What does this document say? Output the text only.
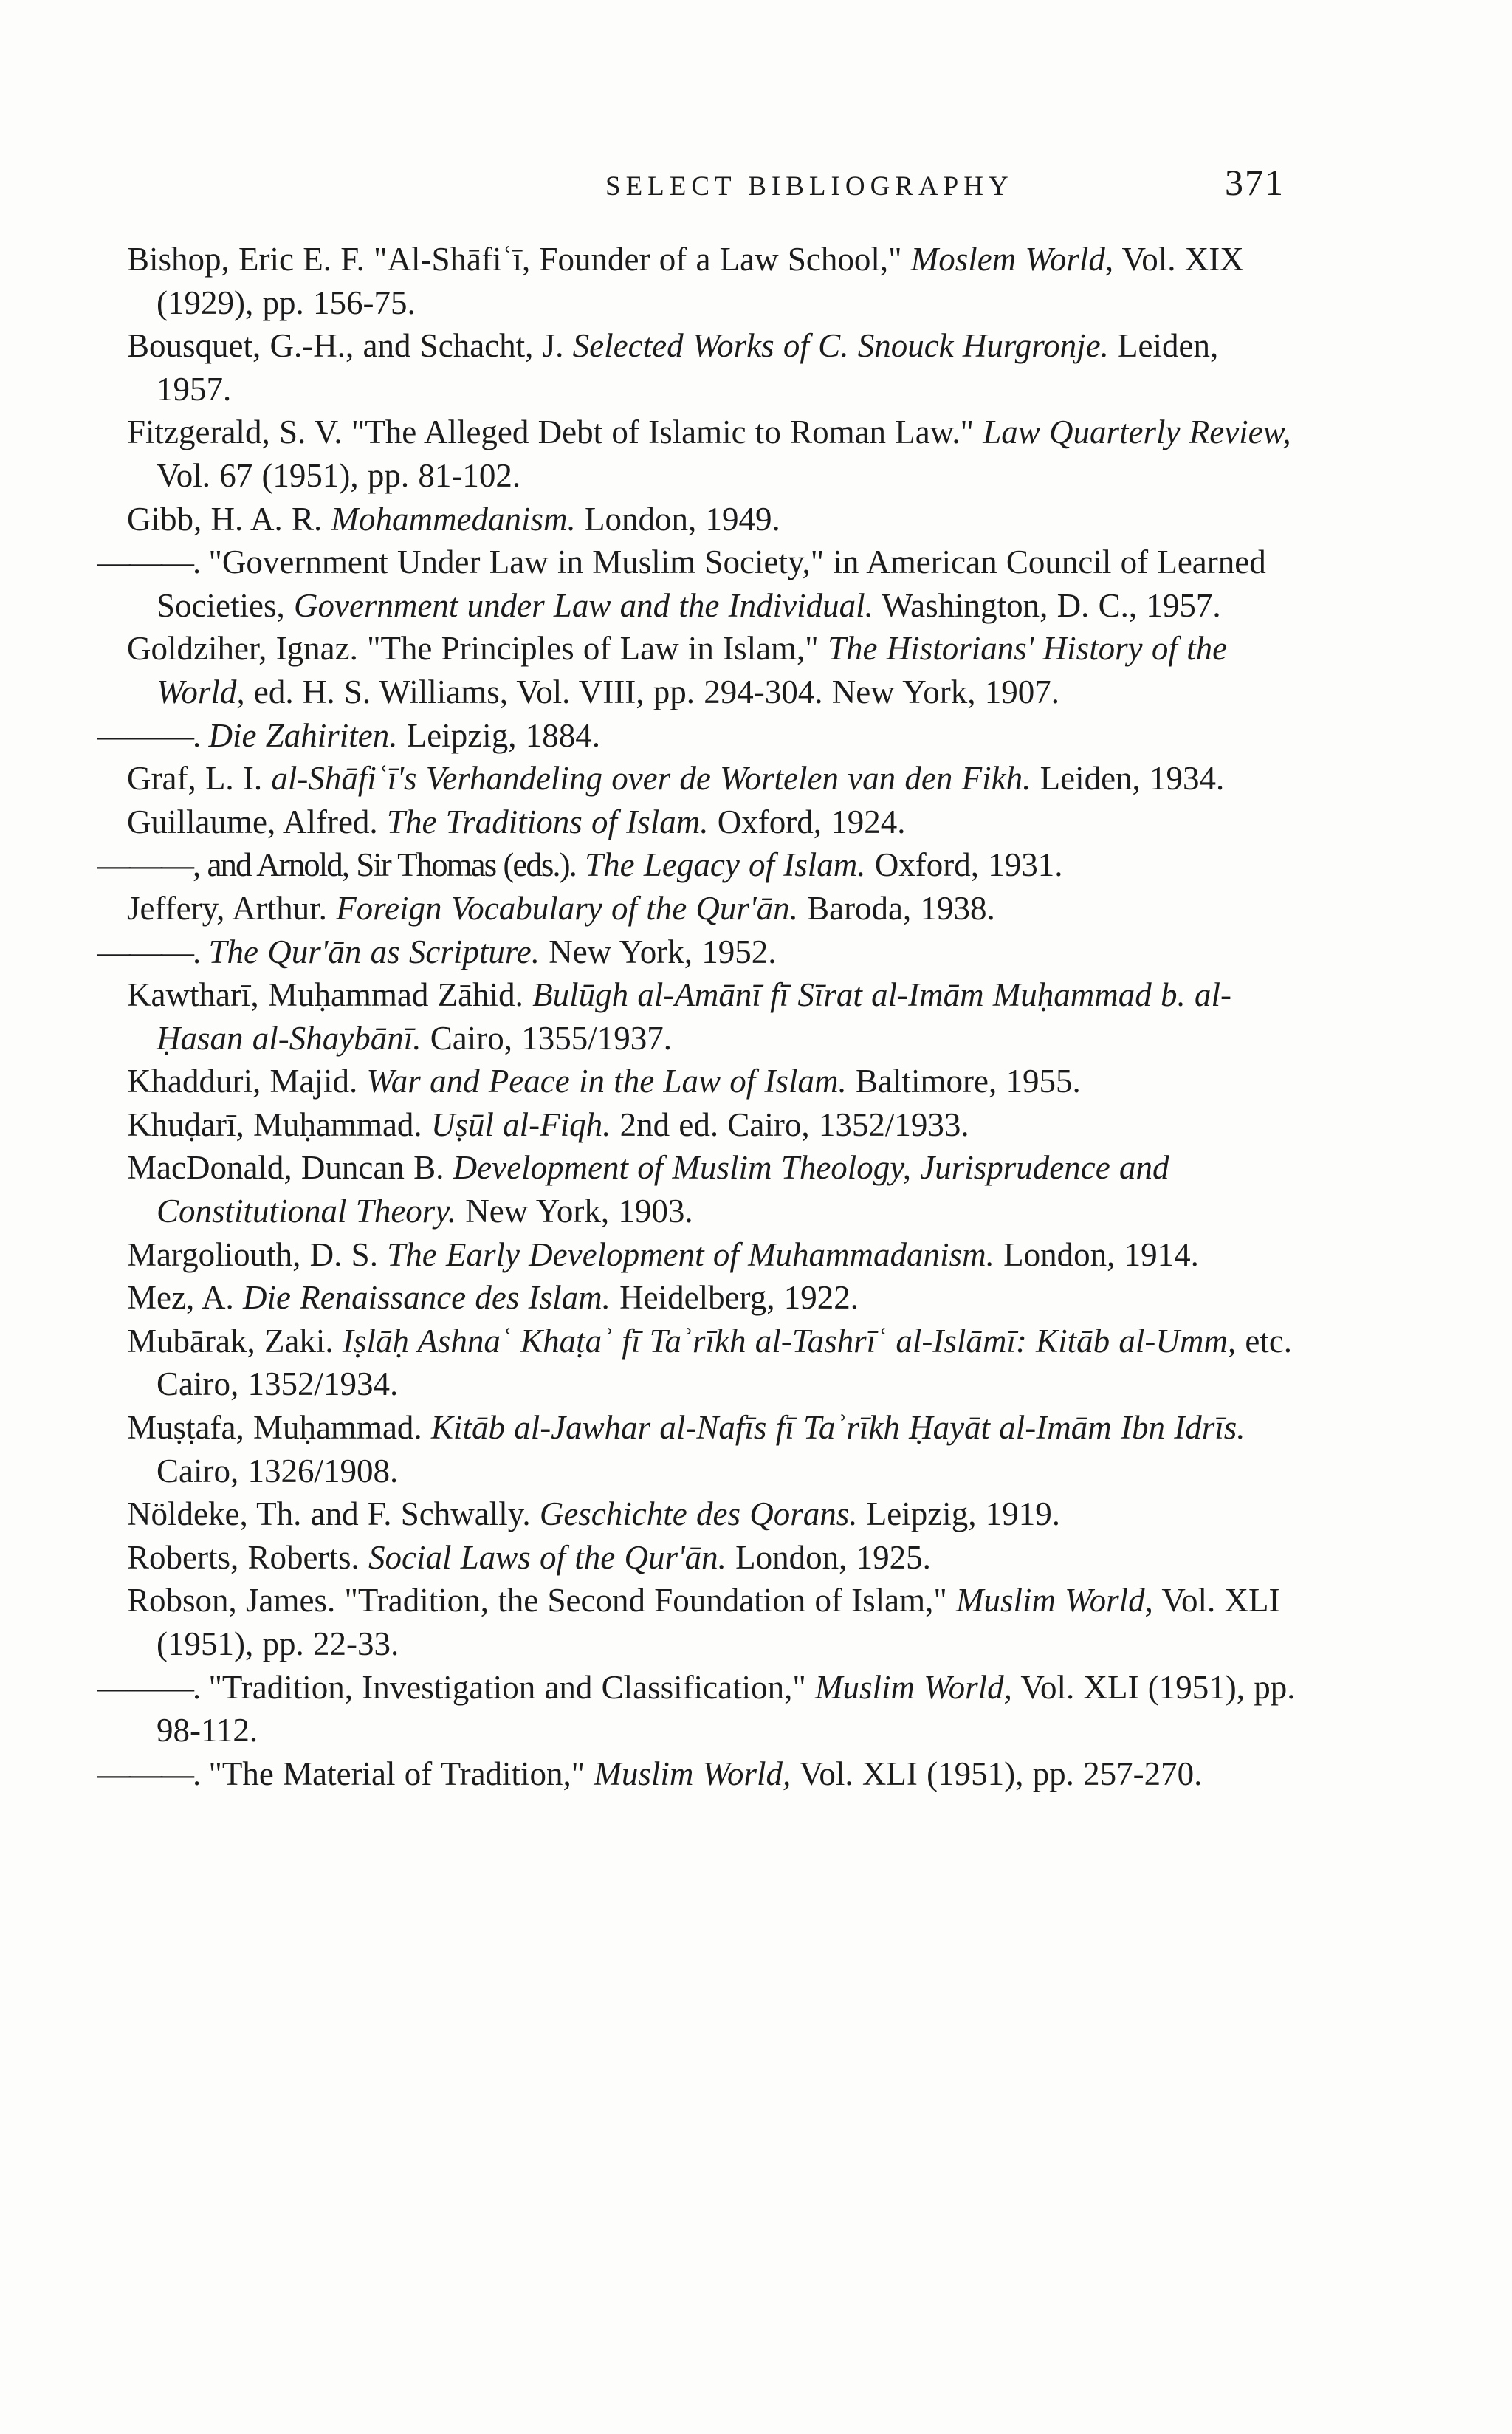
SELECT BIBLIOGRAPHY	371
Bishop, Eric E. F. "Al-Shāfiʿī, Founder of a Law School," Moslem World, Vol. XIX (1929), pp. 156-75.
Bousquet, G.-H., and Schacht, J. Selected Works of C. Snouck Hurgronje. Leiden, 1957.
Fitzgerald, S. V. "The Alleged Debt of Islamic to Roman Law." Law Quarterly Review, Vol. 67 (1951), pp. 81-102.
Gibb, H. A. R. Mohammedanism. London, 1949.
———. "Government Under Law in Muslim Society," in American Council of Learned Societies, Government under Law and the Individual. Washington, D. C., 1957.
Goldziher, Ignaz. "The Principles of Law in Islam," The Historians' History of the World, ed. H. S. Williams, Vol. VIII, pp. 294-304. New York, 1907.
———. Die Zahiriten. Leipzig, 1884.
Graf, L. I. al-Shāfiʿī's Verhandeling over de Wortelen van den Fikh. Leiden, 1934.
Guillaume, Alfred. The Traditions of Islam. Oxford, 1924.
———, and Arnold, Sir Thomas (eds.). The Legacy of Islam. Oxford, 1931.
Jeffery, Arthur. Foreign Vocabulary of the Qur'ān. Baroda, 1938.
———. The Qur'ān as Scripture. New York, 1952.
Kawtharī, Muḥammad Zāhid. Bulūgh al-Amānī fī Sīrat al-Imām Muḥammad b. al-Ḥasan al-Shaybānī. Cairo, 1355/1937.
Khadduri, Majid. War and Peace in the Law of Islam. Baltimore, 1955.
Khuḍarī, Muḥammad. Uṣūl al-Fiqh. 2nd ed. Cairo, 1352/1933.
MacDonald, Duncan B. Development of Muslim Theology, Jurisprudence and Constitutional Theory. New York, 1903.
Margoliouth, D. S. The Early Development of Muhammadanism. London, 1914.
Mez, A. Die Renaissance des Islam. Heidelberg, 1922.
Mubārak, Zaki. Iṣlāḥ Ashnaʿ Khaṭaʾ fī Taʾrīkh al-Tashrīʿ al-Islāmī: Kitāb al-Umm, etc. Cairo, 1352/1934.
Muṣṭafa, Muḥammad. Kitāb al-Jawhar al-Nafīs fī Taʾrīkh Ḥayāt al-Imām Ibn Idrīs. Cairo, 1326/1908.
Nöldeke, Th. and F. Schwally. Geschichte des Qorans. Leipzig, 1919.
Roberts, Roberts. Social Laws of the Qur'ān. London, 1925.
Robson, James. "Tradition, the Second Foundation of Islam," Muslim World, Vol. XLI (1951), pp. 22-33.
———. "Tradition, Investigation and Classification," Muslim World, Vol. XLI (1951), pp. 98-112.
———. "The Material of Tradition," Muslim World, Vol. XLI (1951), pp. 257-270.
